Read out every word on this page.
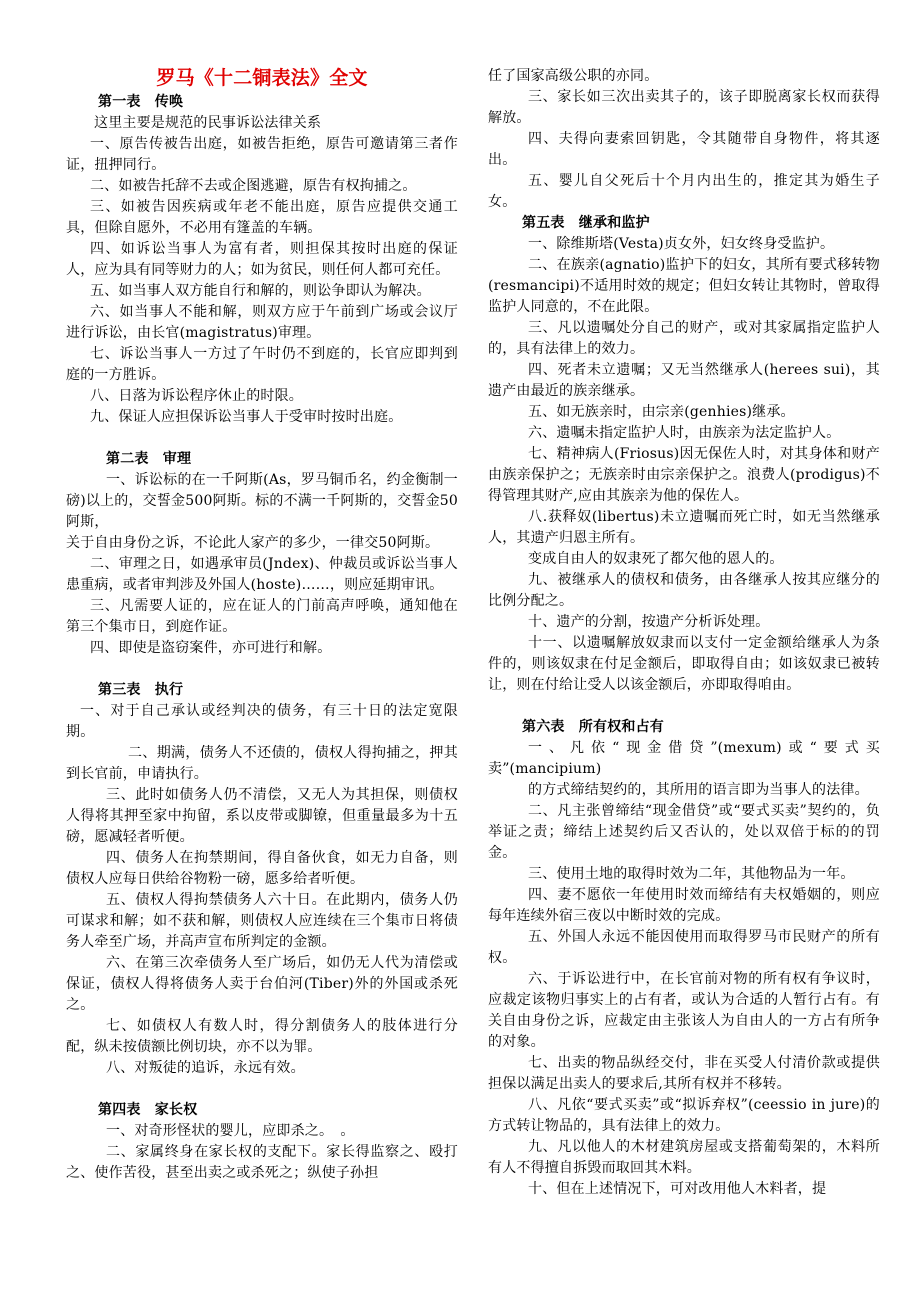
罗马《十二铜表法》全文
第一表　传唤

这里主要是规范的民事诉讼法律关系

一、原告传被告出庭，如被告拒绝，原告可邀请第三者作证，扭押同行。

二、如被告托辞不去或企图逃避，原告有权拘捕之。

三、如被告因疾病或年老不能出庭，原告应提供交通工具，但除自愿外，不必用有篷盖的车辆。

四、如诉讼当事人为富有者，则担保其按时出庭的保证人，应为具有同等财力的人；如为贫民，则任何人都可充任。

五、如当事人双方能自行和解的，则讼争即认为解决。

六、如当事人不能和解，则双方应于午前到广场或会议厅进行诉讼，由长官(magistratus)审理。

七、诉讼当事人一方过了午时仍不到庭的，长官应即判到庭的一方胜诉。

八、日落为诉讼程序休止的时限。

九、保证人应担保诉讼当事人于受审时按时出庭。

第二表　审理

一、诉讼标的在一千阿斯(As，罗马铜币名，约金衡制一磅)以上的，交誓金500阿斯。标的不满一千阿斯的，交誓金50阿斯，

关于自由身份之诉，不论此人家产的多少，一律交50阿斯。

二、审理之日，如遇承审员(Jndex)、仲裁员或诉讼当事人患重病，或者审判涉及外国人(hoste)……，则应延期审讯。

三、凡需要人证的，应在证人的门前高声呼唤，通知他在第三个集市日，到庭作证。

四、即使是盗窃案件，亦可进行和解。

第三表　执行

一、对于自己承认或经判决的债务，有三十日的法定宽限期。

二、期满，债务人不还债的，债权人得拘捕之，押其到长官前，申请执行。

三、此时如债务人仍不清偿，又无人为其担保，则债权人得将其押至家中拘留，系以皮带或脚镣，但重量最多为十五磅，愿减轻者听便。

四、债务人在拘禁期间，得自备伙食，如无力自备，则债权人应每日供给谷物粉一磅，愿多给者听便。

五、债权人得拘禁债务人六十日。在此期内，债务人仍可谋求和解；如不获和解，则债权人应连续在三个集市日将债务人牵至广场，并高声宣布所判定的金额。

六、在第三次牵债务人至广场后，如仍无人代为清偿或保证，债权人得将债务人卖于台伯河(Tiber)外的外国或杀死之。

七、如债权人有数人时，得分割债务人的肢体进行分配，纵未按债额比例切块，亦不以为罪。

八、对叛徒的追诉，永远有效。

第四表　家长权

一、对奇形怪状的婴儿，应即杀之。　。

二、家属终身在家长权的支配下。家长得监察之、殴打之、使作苦役，甚至出卖之或杀死之；纵使子孙担

任了国家高级公职的亦同。

三、家长如三次出卖其子的，该子即脱离家长权而获得解放。

四、夫得向妻索回钥匙，令其随带自身物件，将其逐出。

五、婴儿自父死后十个月内出生的，推定其为婚生子女。

第五表　继承和监护

一、除维斯塔(Vesta)贞女外，妇女终身受监护。

二、在族亲(agnatio)监护下的妇女，其所有要式移转物(resmancipi)不适用时效的规定；但妇女转让其物时，曾取得监护人同意的，不在此限。

三、凡以遗嘱处分自己的财产，或对其家属指定监护人的，具有法律上的效力。

四、死者未立遗嘱；又无当然继承人(herees sui)，其遗产由最近的族亲继承。

五、如无族亲时，由宗亲(genhies)继承。

六、遗嘱未指定监护人时，由族亲为法定监护人。

七、精神病人(Friosus)因无保佐人时，对其身体和财产由族亲保护之；无族亲时由宗亲保护之。浪费人(prodigus)不得管理其财产,应由其族亲为他的保佐人。

八.获释奴(libertus)未立遗嘱而死亡时，如无当然继承人，其遗产归恩主所有。

变成自由人的奴隶死了都欠他的恩人的。

九、被继承人的债权和债务，由各继承人按其应继分的比例分配之。

十、遗产的分割，按遗产分析诉处理。

十一、以遗嘱解放奴隶而以支付一定金额给继承人为条件的，则该奴隶在付足金额后，即取得自由；如该奴隶已被转让，则在付给让受人以该金额后，亦即取得咱由。

第六表　所有权和占有

一、凡依“现金借贷”(mexum)或“要式买卖”(mancipium)

的方式缔结契约的，其所用的语言即为当事人的法律。

二、凡主张曾缔结“现金借贷”或“要式买卖”契约的，负举证之责；缔结上述契约后又否认的，处以双倍于标的的罚金。

三、使用土地的取得时效为二年，其他物品为一年。

四、妻不愿依一年使用时效而缔结有夫权婚姻的，则应每年连续外宿三夜以中断时效的完成。

五、外国人永远不能因使用而取得罗马市民财产的所有权。

六、于诉讼进行中，在长官前对物的所有权有争议时，应裁定该物归事实上的占有者，或认为合适的人暂行占有。有关自由身份之诉，应裁定由主张该人为自由人的一方占有所争的对象。

七、出卖的物品纵经交付，非在买受人付清价款或提供担保以满足出卖人的要求后,其所有权并不移转。

八、凡依“要式买卖”或“拟诉弃权”(ceessio in jure)的方式转让物品的，具有法律上的效力。

九、凡以他人的木材建筑房屋或支搭葡萄架的，木料所有人不得擅自拆毁而取回其木料。

十、但在上述情况下，可对改用他人木料者，提
